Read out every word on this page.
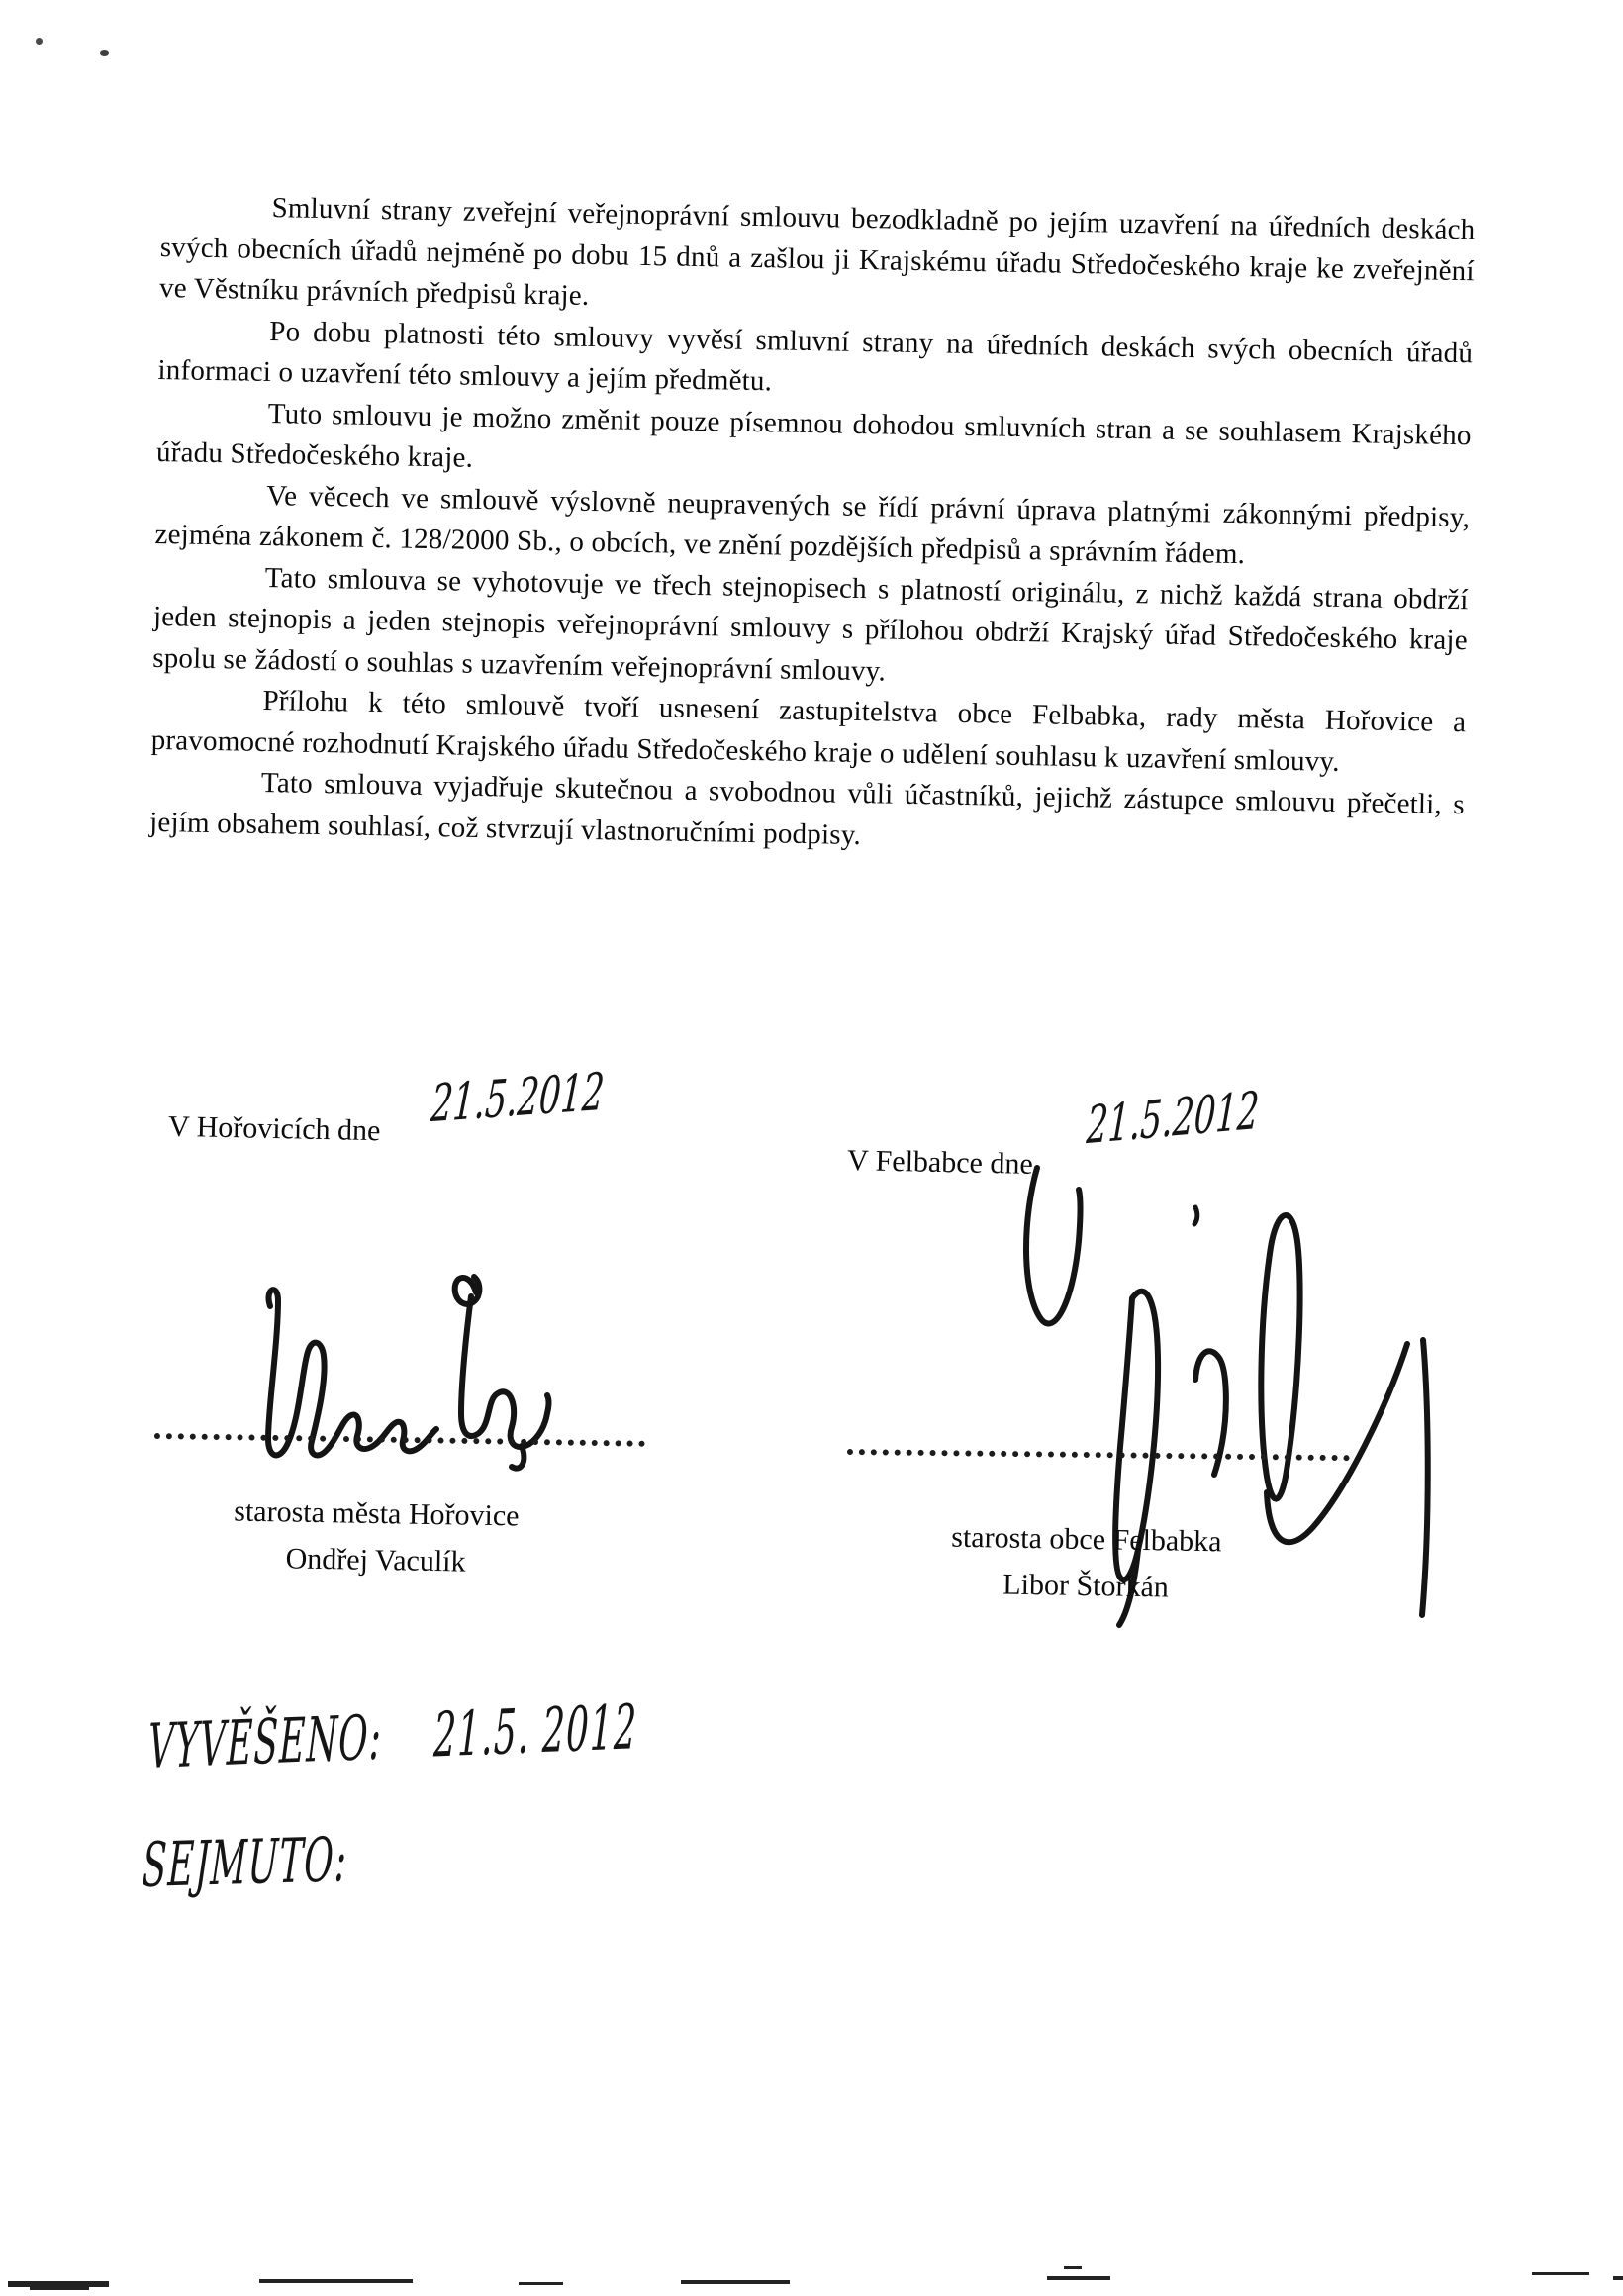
Smluvní strany zveřejní veřejnoprávní smlouvu bezodkladně po jejím uzavření na úředních deskách svých obecních úřadů nejméně po dobu 15 dnů a zašlou ji Krajskému úřadu Středočeského kraje ke zveřejnění ve Věstníku právních předpisů kraje.

Po dobu platnosti této smlouvy vyvěsí smluvní strany na úředních deskách svých obecních úřadů informaci o uzavření této smlouvy a jejím předmětu.

Tuto smlouvu je možno změnit pouze písemnou dohodou smluvních stran a se souhlasem Krajského úřadu Středočeského kraje.

Ve věcech ve smlouvě výslovně neupravených se řídí právní úprava platnými zákonnými předpisy, zejména zákonem č. 128/2000 Sb., o obcích, ve znění pozdějších předpisů a správním řádem.

Tato smlouva se vyhotovuje ve třech stejnopisech s platností originálu, z nichž každá strana obdrží jeden stejnopis a jeden stejnopis veřejnoprávní smlouvy s přílohou obdrží Krajský úřad Středočeského kraje spolu se žádostí o souhlas s uzavřením veřejnoprávní smlouvy.

Přílohu k této smlouvě tvoří usnesení zastupitelstva obce Felbabka, rady města Hořovice a pravomocné rozhodnutí Krajského úřadu Středočeského kraje o udělení souhlasu k uzavření smlouvy.

Tato smlouva vyjadřuje skutečnou a svobodnou vůli účastníků, jejichž zástupce smlouvu přečetli, s jejím obsahem souhlasí, což stvrzují vlastnoručními podpisy.

V Hořovicích dne 21.5.2012
V Felbabce dne
21.5.2012
starosta města Hořovice
Ondřej Vaculík
starosta obce Felbabka
Libor Štorkán
VYVĚŠENO: 21.5. 2012
SEJMUTO:
